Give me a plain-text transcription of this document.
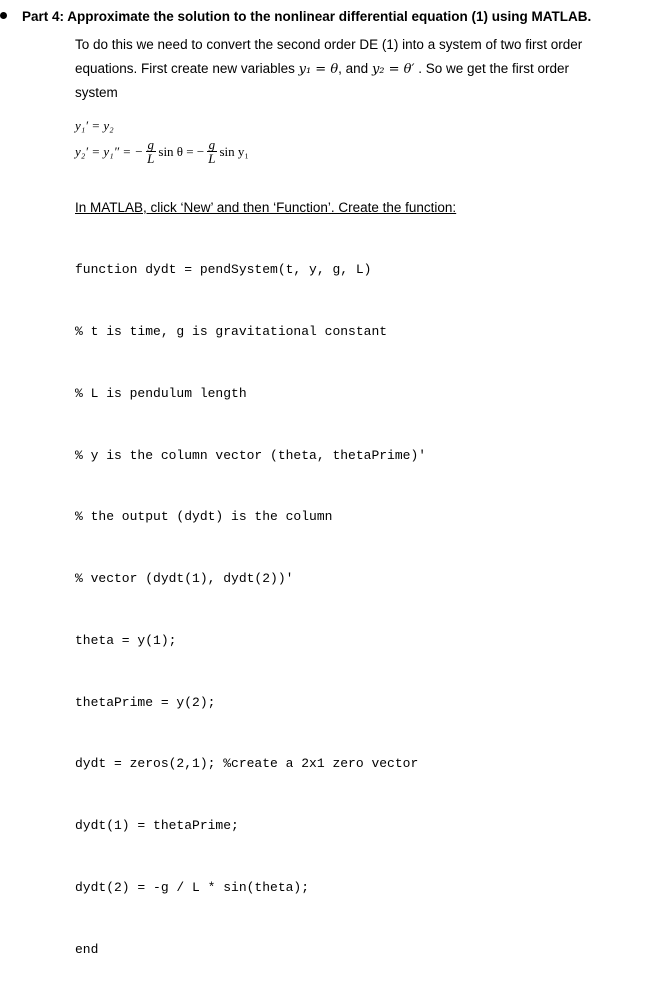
Part 4: Approximate the solution to the nonlinear differential equation (1) using MATLAB.
To do this we need to convert the second order DE (1) into a system of two first order
equations. First create new variables y₁ = θ, and y₂ = θ′ . So we get the first order
system
y₁′ = y₂
y₂′ = y₁″ = − $\frac{g}{L}$ sin θ = − $\frac{g}{L}$ sin y₁
In MATLAB, click ‘New’ and then ‘Function’. Create the function:

function dydt = pendSystem(t, y, g, L)

% t is time, g is gravitational constant

% L is pendulum length

% y is the column vector (theta, thetaPrime)'

% the output (dydt) is the column

% vector (dydt(1), dydt(2))'

theta = y(1);

thetaPrime = y(2);

dydt = zeros(2,1); %create a 2x1 zero vector

dydt(1) = thetaPrime;

dydt(2) = -g / L * sin(theta);

end
